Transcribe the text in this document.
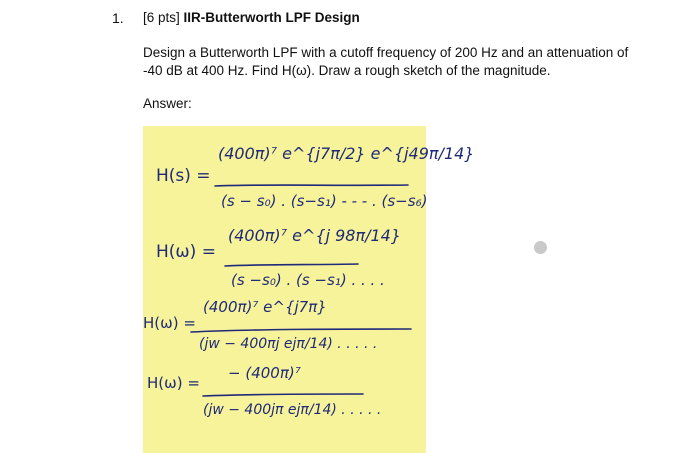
1. [6 pts] IIR-Butterworth LPF Design
Design a Butterworth LPF with a cutoff frequency of 200 Hz and an attenuation of -40 dB at 400 Hz. Find H(ω). Draw a rough sketch of the magnitude.
Answer:
H(s) =
(400π)⁷ e^{j7π/2} e^{j49π/14}
(s − s₀) . (s−s₁) - - - . (s−s₆)
H(ω) =
(400π)⁷ e^{j 98π/14}
(s −s₀) . (s −s₁) . . . .
H(ω) =
(400π)⁷ e^{j7π}
(jw − 400πj ejπ/14) . . . . .
H(ω) =
− (400π)⁷
(jw − 400jπ ejπ/14) . . . . .
